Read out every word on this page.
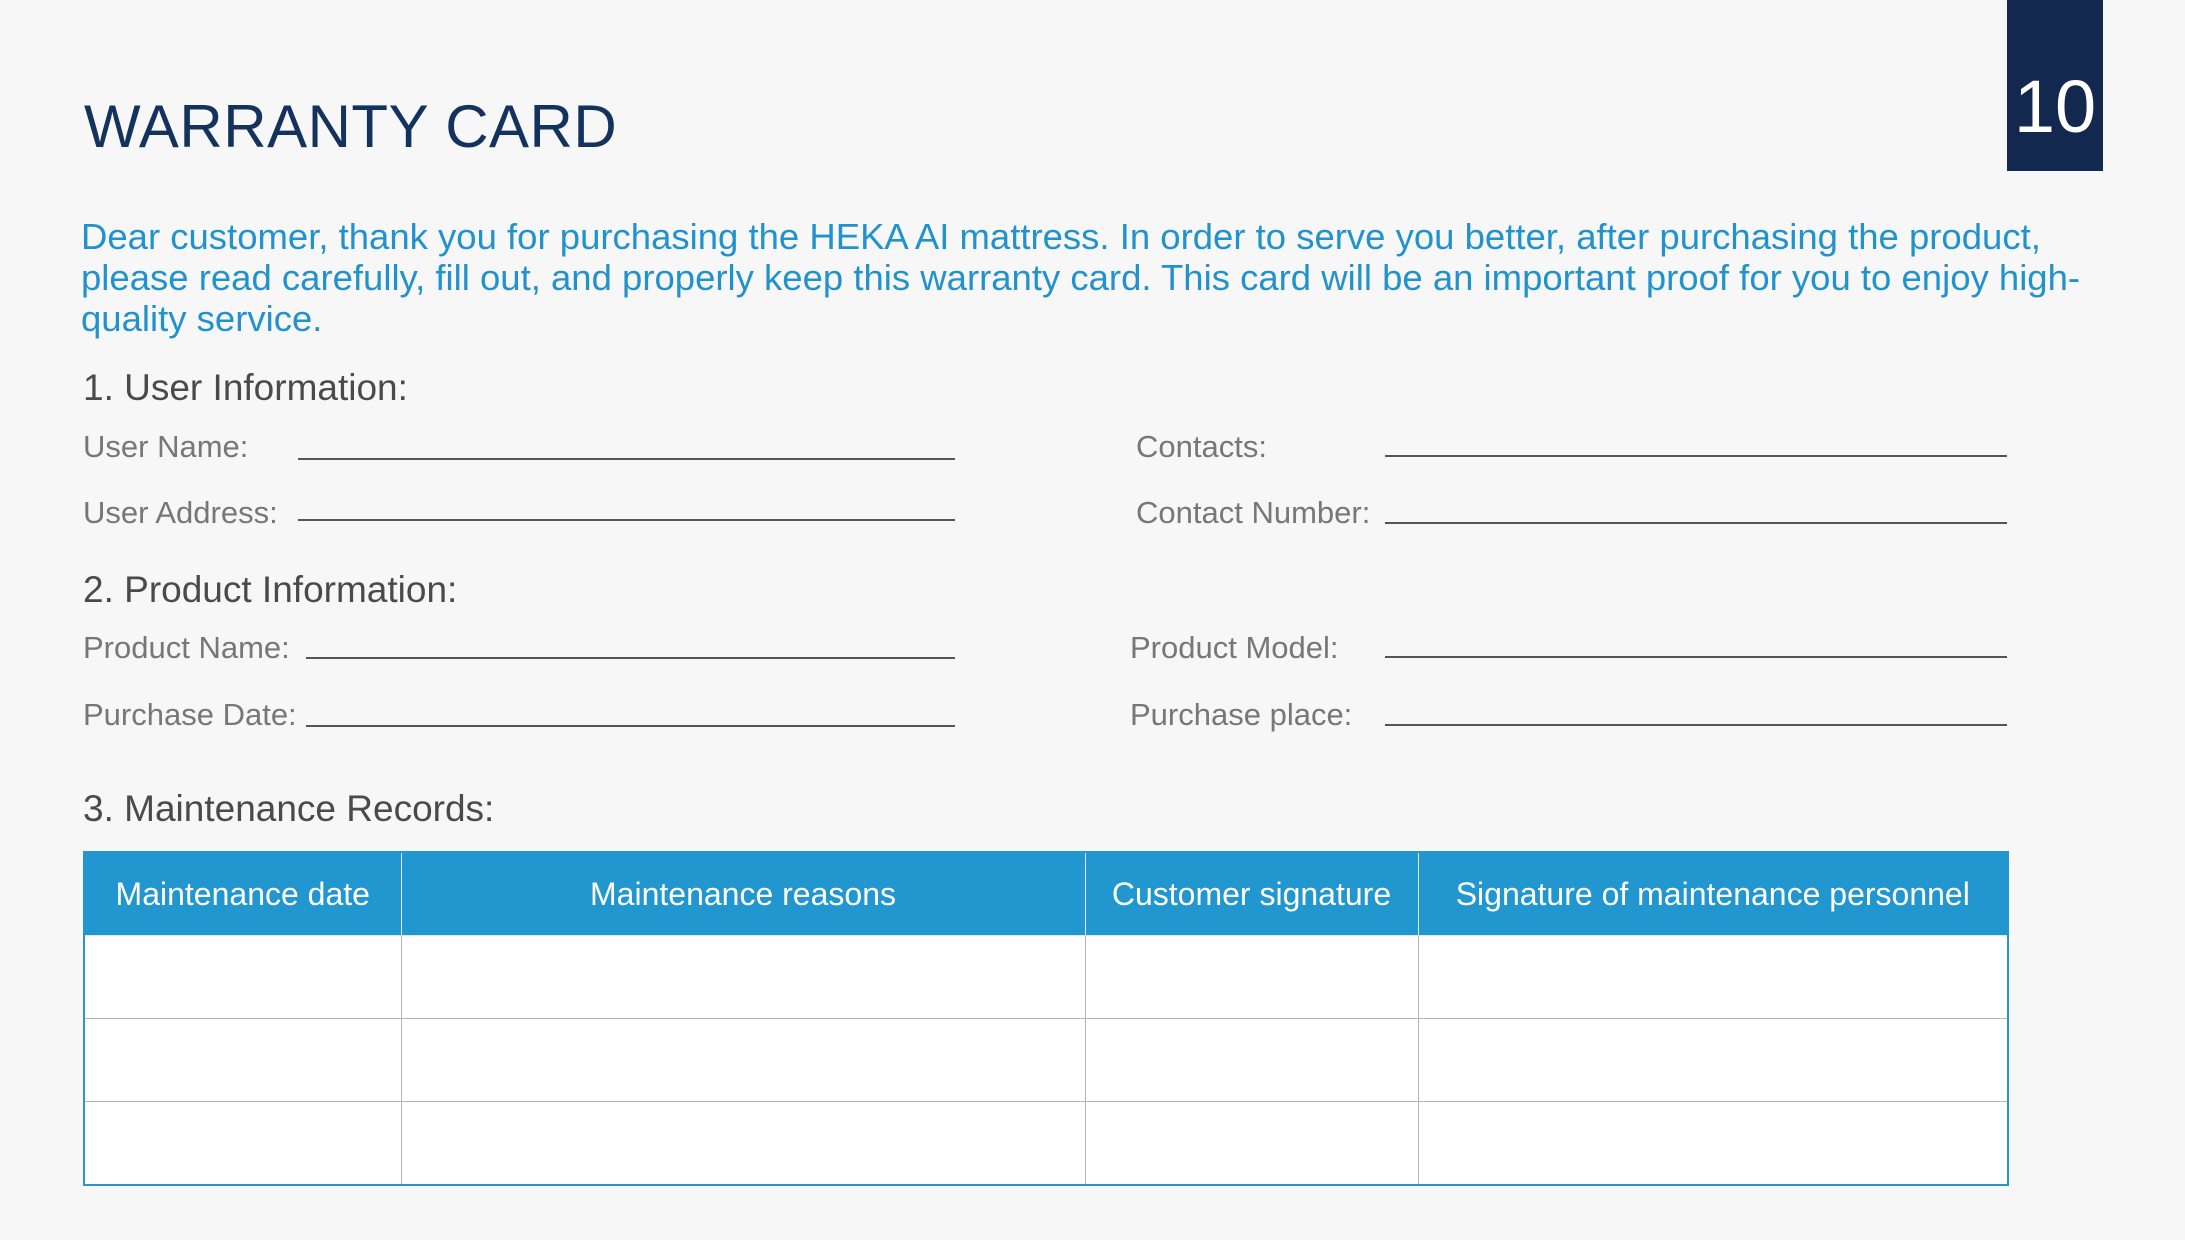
WARRANTY CARD	10

Dear customer, thank you for purchasing the HEKA AI mattress. In order to serve you better, after purchasing the product, please read carefully, fill out, and properly keep this warranty card. This card will be an important proof for you to enjoy high-quality service.

1. User Information:
User Name:	Contacts:
User Address:	Contact Number:
2. Product Information:
Product Name:	Product Model:
Purchase Date:	Purchase place:
3. Maintenance Records:
Maintenance date	Maintenance reasons	Customer signature	Signature of maintenance personnel
